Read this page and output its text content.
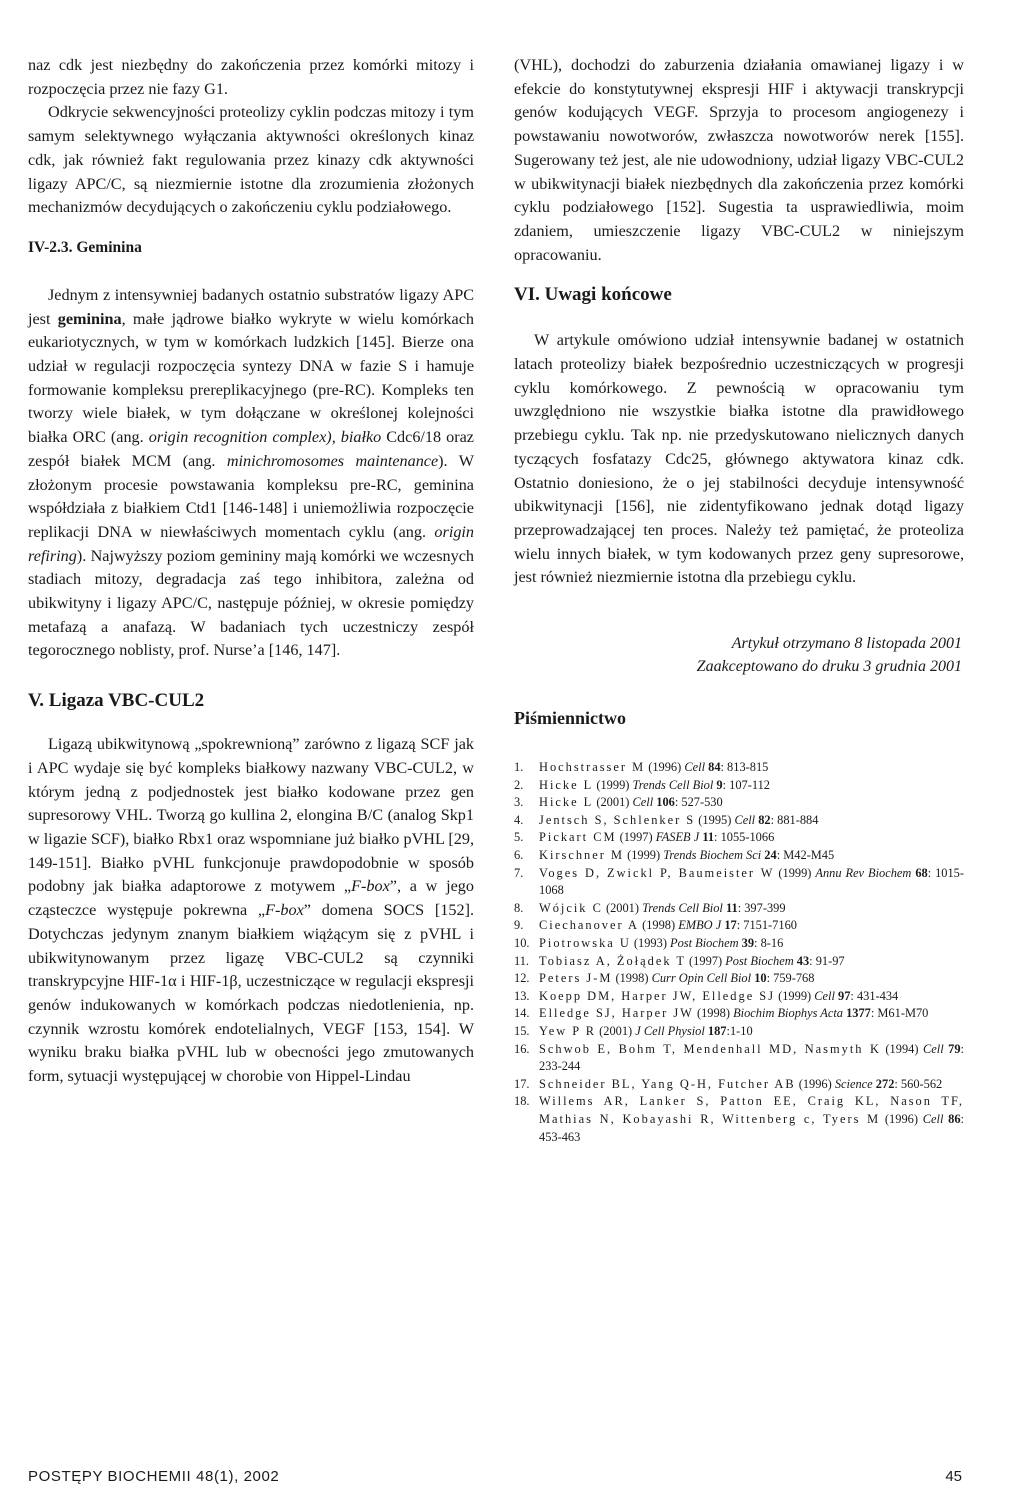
naz cdk jest niezbędny do zakończenia przez komórki mitozy i rozpoczęcia przez nie fazy G1.

Odkrycie sekwencyjności proteolizy cyklin podczas mitozy i tym samym selektywnego wyłączania aktywności określonych kinaz cdk, jak również fakt regulowania przez kinazy cdk aktywności ligazy APC/C, są niezmiernie istotne dla zrozumienia złożonych mechanizmów decydujących o zakończeniu cyklu podziałowego.

IV-2.3. Geminina

Jednym z intensywniej badanych ostatnio substratów ligazy APC jest geminina, małe jądrowe białko wykryte w wielu komórkach eukariotycznych, w tym w komórkach ludzkich [145]. Bierze ona udział w regulacji rozpoczęcia syntezy DNA w fazie S i hamuje formowanie kompleksu prereplikacyjnego (pre-RC). Kompleks ten tworzy wiele białek, w tym dołączane w określonej kolejności białka ORC (ang. origin recognition complex), białko Cdc6/18 oraz zespół białek MCM (ang. minichromosomes maintenance). W złożonym procesie powstawania kompleksu pre-RC, geminina współdziała z białkiem Ctd1 [146-148] i uniemożliwia rozpoczęcie replikacji DNA w niewłaściwych momentach cyklu (ang. origin refiring). Najwyższy poziom gemininy mają komórki we wczesnych stadiach mitozy, degradacja zaś tego inhibitora, zależna od ubikwityny i ligazy APC/C, następuje później, w okresie pomiędzy metafazą a anafazą. W badaniach tych uczestniczy zespół tegorocznego noblisty, prof. Nurse’a [146, 147].

V. Ligaza VBC-CUL2

Ligazą ubikwitynową „spokrewnioną” zarówno z ligazą SCF jak i APC wydaje się być kompleks białkowy nazwany VBC-CUL2, w którym jedną z podjednostek jest białko kodowane przez gen supresorowy VHL. Tworzą go kullina 2, elongina B/C (analog Skp1 w ligazie SCF), białko Rbx1 oraz wspomniane już białko pVHL [29, 149-151]. Białko pVHL funkcjonuje prawdopodobnie w sposób podobny jak białka adaptorowe z motywem „F-box”, a w jego cząsteczce występuje pokrewna „F-box” domena SOCS [152]. Dotychczas jedynym znanym białkiem wiążącym się z pVHL i ubikwitynowanym przez ligazę VBC-CUL2 są czynniki transkrypcyjne HIF-1α i HIF-1β, uczestniczące w regulacji ekspresji genów indukowanych w komórkach podczas niedotlenienia, np. czynnik wzrostu komórek endotelialnych, VEGF [153, 154]. W wyniku braku białka pVHL lub w obecności jego zmutowanych form, sytuacji występującej w chorobie von Hippel-Lindau

(VHL), dochodzi do zaburzenia działania omawianej ligazy i w efekcie do konstytutywnej ekspresji HIF i aktywacji transkrypcji genów kodujących VEGF. Sprzyja to procesom angiogenezy i powstawaniu nowotworów, zwłaszcza nowotworów nerek [155]. Sugerowany też jest, ale nie udowodniony, udział ligazy VBC-CUL2 w ubikwitynacji białek niezbędnych dla zakończenia przez komórki cyklu podziałowego [152]. Sugestia ta usprawiedliwia, moim zdaniem, umieszczenie ligazy VBC-CUL2 w niniejszym opracowaniu.

VI. Uwagi końcowe

W artykule omówiono udział intensywnie badanej w ostatnich latach proteolizy białek bezpośrednio uczestniczących w progresji cyklu komórkowego. Z pewnością w opracowaniu tym uwzględniono nie wszystkie białka istotne dla prawidłowego przebiegu cyklu. Tak np. nie przedyskutowano nielicznych danych tyczących fosfatazy Cdc25, głównego aktywatora kinaz cdk. Ostatnio doniesiono, że o jej stabilności decyduje intensywność ubikwitynacji [156], nie zidentyfikowano jednak dotąd ligazy przeprowadzającej ten proces. Należy też pamiętać, że proteoliza wielu innych białek, w tym kodowanych przez geny supresorowe, jest również niezmiernie istotna dla przebiegu cyklu.

Artykuł otrzymano 8 listopada 2001
Zaakceptowano do druku 3 grudnia 2001
Piśmiennictwo
1. Hochstrasser M (1996) Cell 84: 813-815
2. Hicke L (1999) Trends Cell Biol 9: 107-112
3. Hicke L (2001) Cell 106: 527-530
4. Jentsch S, Schlenker S (1995) Cell 82: 881-884
5. Pickart CM (1997) FASEB J 11: 1055-1066
6. Kirschner M (1999) Trends Biochem Sci 24: M42-M45
7. Voges D, Zwickl P, Baumeister W (1999) Annu Rev Biochem 68: 1015-1068
8. Wójcik C (2001) Trends Cell Biol 11: 397-399
9. Ciechanover A (1998) EMBO J 17: 7151-7160
10. Piotrowska U (1993) Post Biochem 39: 8-16
11. Tobiasz A, Żołądek T (1997) Post Biochem 43: 91-97
12. Peters J-M (1998) Curr Opin Cell Biol 10: 759-768
13. Koepp DM, Harper JW, Elledge SJ (1999) Cell 97: 431-434
14. Elledge SJ, Harper JW (1998) Biochim Biophys Acta 1377: M61-M70
15. Yew P R (2001) J Cell Physiol 187:1-10
16. Schwob E, Bohm T, Mendenhall MD, Nasmyth K (1994) Cell 79: 233-244
17. Schneider BL, Yang Q-H, Futcher AB (1996) Science 272: 560-562
18. Willems AR, Lanker S, Patton EE, Craig KL, Nason TF, Mathias N, Kobayashi R, Wittenberg c, Tyers M (1996) Cell 86: 453-463
POSTĘPY BIOCHEMII 48(1), 2002	45
